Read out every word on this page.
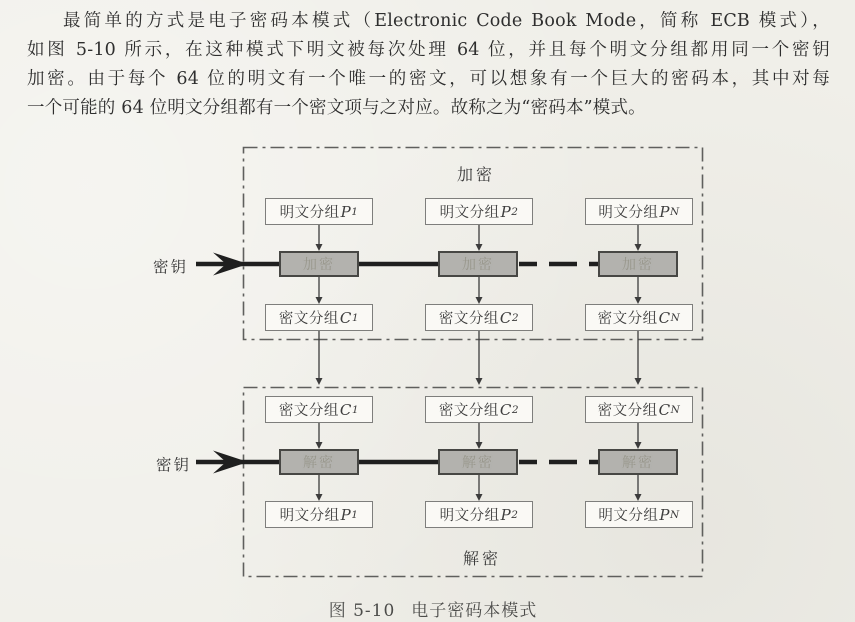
最简单的方式是电子密码本模式（Electronic Code Book Mode，简称 ECB 模式），
如图 5-10 所示，在这种模式下明文被每次处理 64 位，并且每个明文分组都用同一个密钥
加密。由于每个 64 位的明文有一个唯一的密文，可以想象有一个巨大的密码本，其中对每
一个可能的 64 位明文分组都有一个密文项与之对应。故称之为“密码本”模式。
加密
解密
密钥
密钥
明文分组 P 1	明文分组 P 2	明文分组 P N
加密	加密	加密
密文分组 C 1	密文分组 C 2	密文分组 C N
密文分组 C 1	密文分组 C 2	密文分组 C N
解密	解密	解密
明文分组 P 1	明文分组 P 2	明文分组 P N
图 5-10 电子密码本模式
